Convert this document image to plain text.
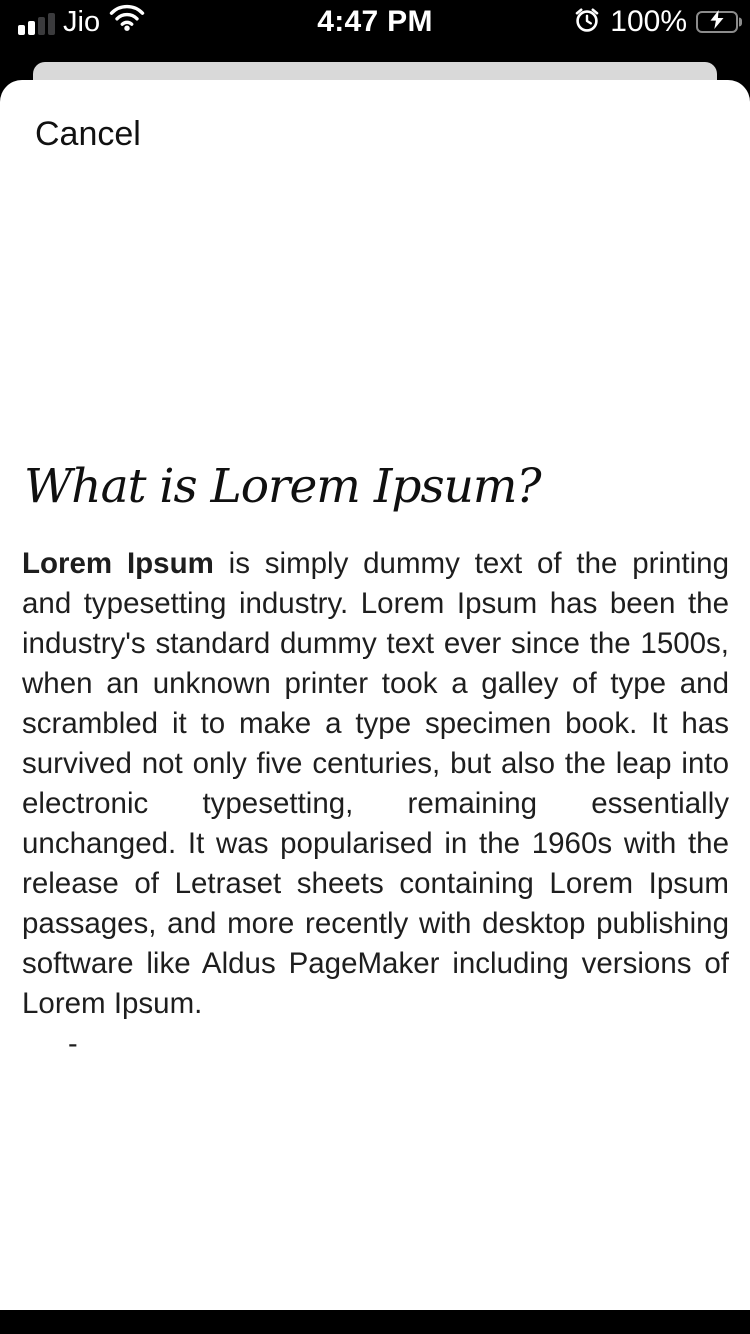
Jio	4:47 PM	100%
Cancel
What is Lorem Ipsum?

Lorem Ipsum is simply dummy text of the printing and typesetting industry. Lorem Ipsum has been the industry's standard dummy text ever since the 1500s, when an unknown printer took a galley of type and scrambled it to make a type specimen book. It has survived not only five centuries, but also the leap into electronic typesetting, remaining essentially unchanged. It was popularised in the 1960s with the release of Letraset sheets containing Lorem Ipsum passages, and more recently with desktop publishing software like Aldus PageMaker including versions of Lorem Ipsum.

-
